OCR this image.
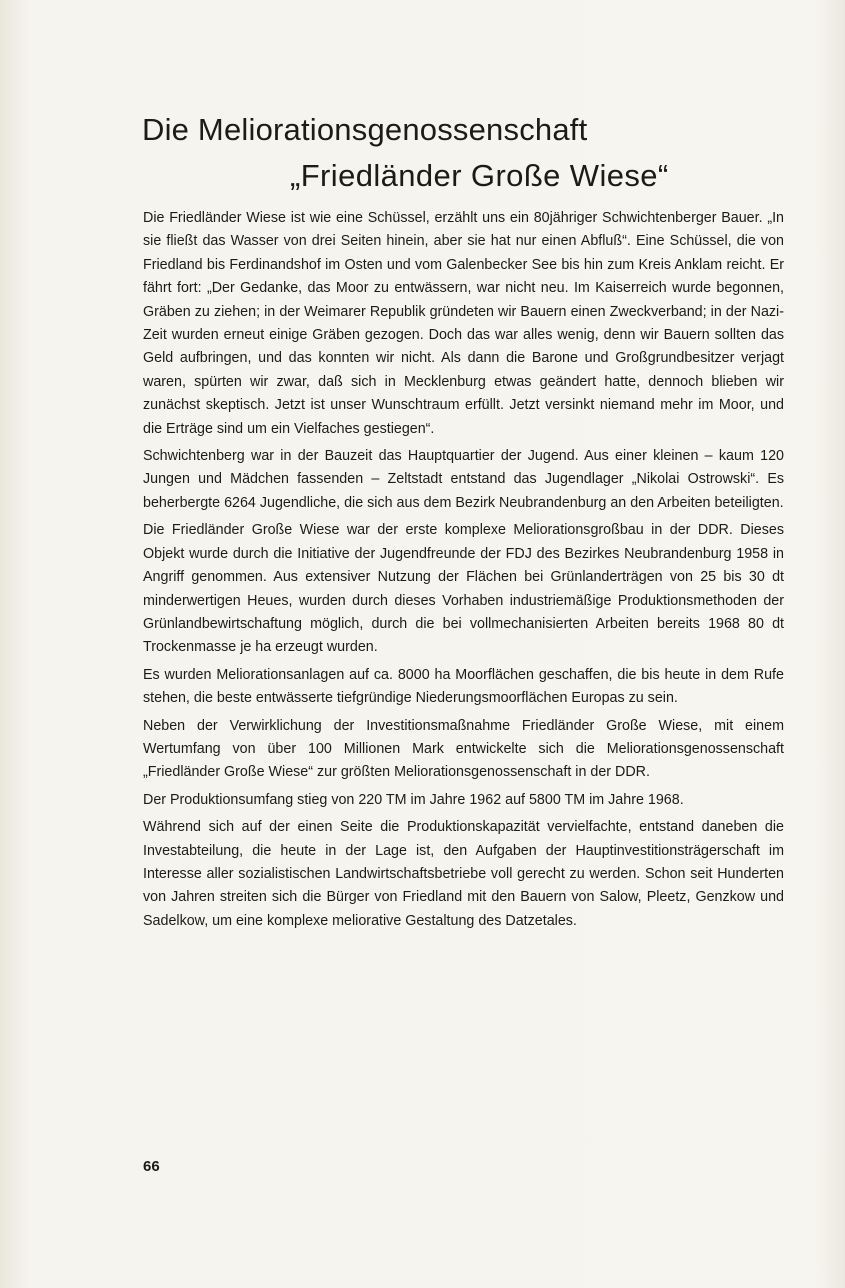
Die Meliorationsgenossenschaft
„Friedländer Große Wiese“

Die Friedländer Wiese ist wie eine Schüssel, erzählt uns ein 80jähriger Schwichtenberger Bauer. „In sie fließt das Wasser von drei Seiten hinein, aber sie hat nur einen Abfluß“. Eine Schüssel, die von Friedland bis Ferdinandshof im Osten und vom Galenbecker See bis hin zum Kreis Anklam reicht. Er fährt fort: „Der Gedanke, das Moor zu entwässern, war nicht neu. Im Kaiserreich wurde begonnen, Gräben zu ziehen; in der Weimarer Republik gründeten wir Bauern einen Zweckverband; in der Nazi-Zeit wurden erneut einige Gräben gezogen. Doch das war alles wenig, denn wir Bauern sollten das Geld aufbringen, und das konnten wir nicht. Als dann die Barone und Großgrundbesitzer verjagt waren, spürten wir zwar, daß sich in Mecklenburg etwas geändert hatte, dennoch blieben wir zunächst skeptisch. Jetzt ist unser Wunschtraum erfüllt. Jetzt versinkt niemand mehr im Moor, und die Erträge sind um ein Vielfaches gestiegen“.

Schwichtenberg war in der Bauzeit das Hauptquartier der Jugend. Aus einer kleinen – kaum 120 Jungen und Mädchen fassenden – Zeltstadt entstand das Jugendlager „Nikolai Ostrowski“. Es beherbergte 6264 Jugendliche, die sich aus dem Bezirk Neubrandenburg an den Arbeiten beteiligten.

Die Friedländer Große Wiese war der erste komplexe Meliorationsgroßbau in der DDR. Dieses Objekt wurde durch die Initiative der Jugendfreunde der FDJ des Bezirkes Neubrandenburg 1958 in Angriff genommen. Aus extensiver Nutzung der Flächen bei Grünlanderträgen von 25 bis 30 dt minderwertigen Heues, wurden durch dieses Vorhaben industriemäßige Produktionsmethoden der Grünlandbewirtschaftung möglich, durch die bei vollmechanisierten Arbeiten bereits 1968 80 dt Trockenmasse je ha erzeugt wurden.

Es wurden Meliorationsanlagen auf ca. 8000 ha Moorflächen geschaffen, die bis heute in dem Rufe stehen, die beste entwässerte tiefgründige Niederungsmoorflächen Europas zu sein.

Neben der Verwirklichung der Investitionsmaßnahme Friedländer Große Wiese, mit einem Wertumfang von über 100 Millionen Mark entwickelte sich die Meliorationsgenossenschaft „Friedländer Große Wiese“ zur größten Meliorationsgenossenschaft in der DDR.

Der Produktionsumfang stieg von 220 TM im Jahre 1962 auf 5800 TM im Jahre 1968.

Während sich auf der einen Seite die Produktionskapazität vervielfachte, entstand daneben die Investabteilung, die heute in der Lage ist, den Aufgaben der Hauptinvestitionsträgerschaft im Interesse aller sozialistischen Landwirtschaftsbetriebe voll gerecht zu werden. Schon seit Hunderten von Jahren streiten sich die Bürger von Friedland mit den Bauern von Salow, Pleetz, Genzkow und Sadelkow, um eine komplexe meliorative Gestaltung des Datzetales.

66
